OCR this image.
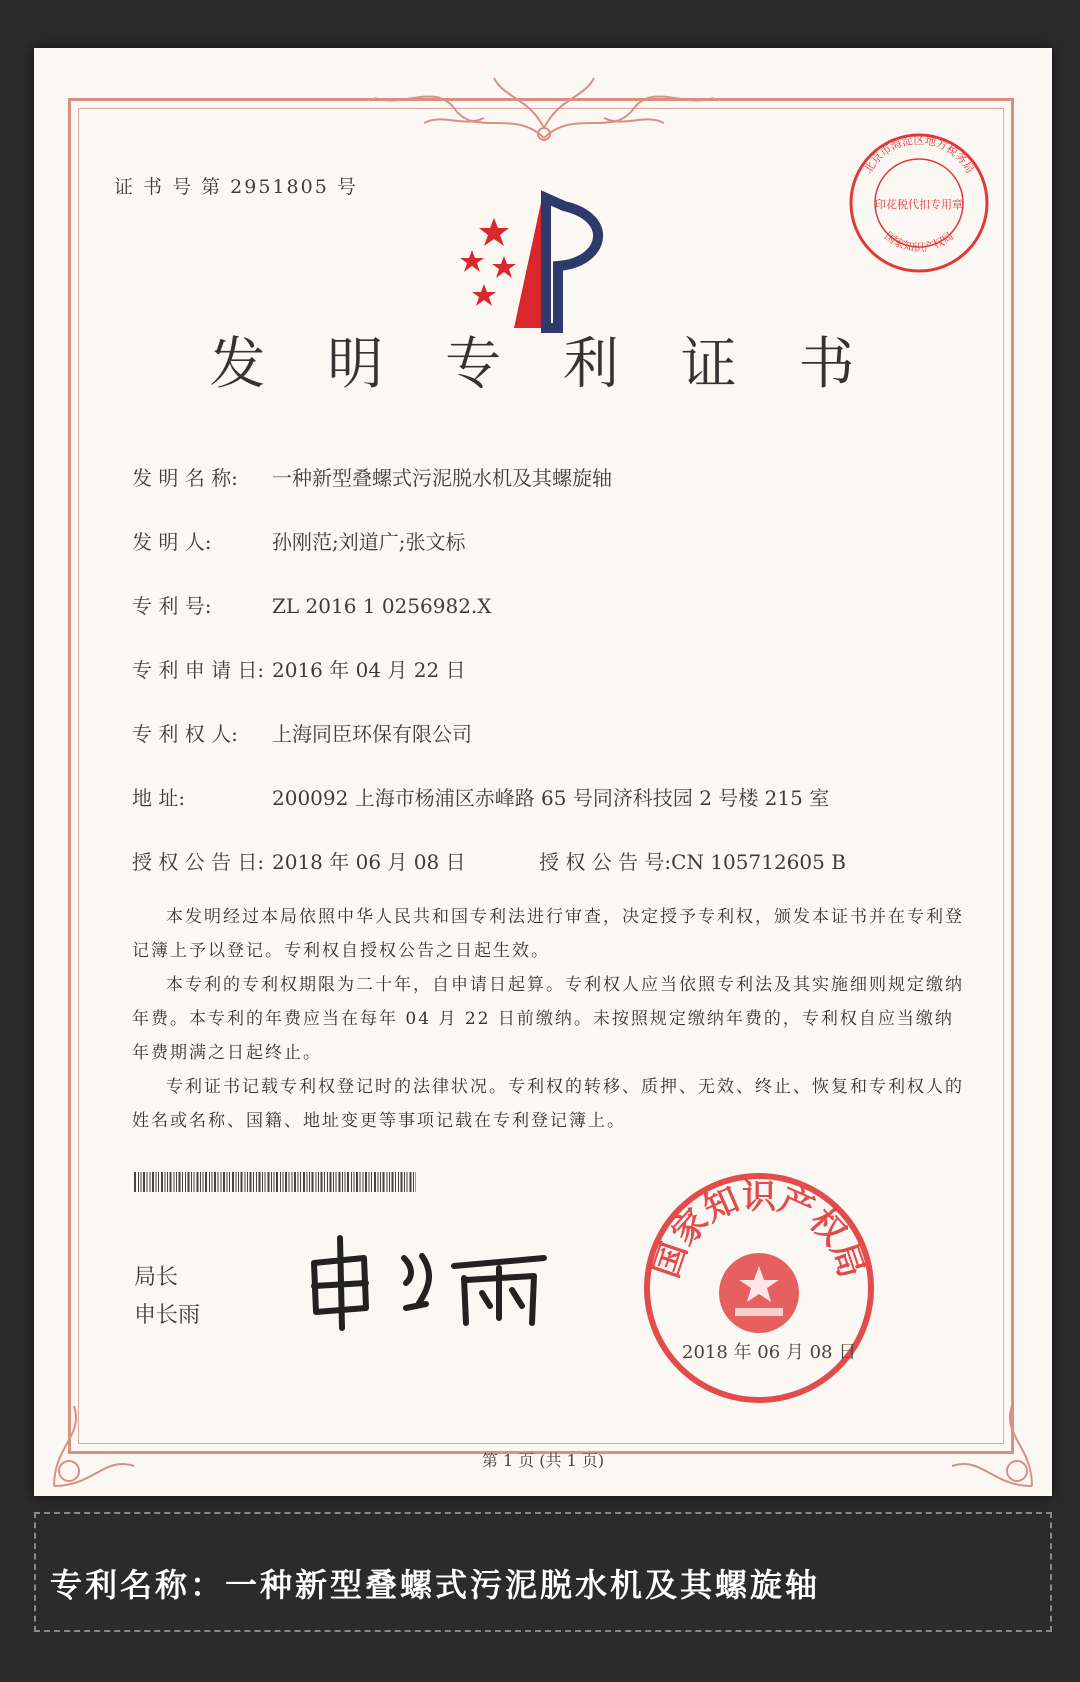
证 书 号 第 2951805 号
发 明 专 利 证 书
发 明 名 称: 一种新型叠螺式污泥脱水机及其螺旋轴
发 明 人:	孙刚范;刘道广;张文标
专 利 号:	ZL 2016 1 0256982.X
专 利 申 请 日: 2016 年 04 月 22 日
专 利 权 人: 上海同臣环保有限公司
地 址:	200092 上海市杨浦区赤峰路 65 号同济科技园 2 号楼 215 室
授 权 公 告 日: 2018 年 06 月 08 日	授 权 公 告 号:CN 105712605 B
本发明经过本局依照中华人民共和国专利法进行审查，决定授予专利权，颁发本证书并在专利登记簿上予以登记。专利权自授权公告之日起生效。
本专利的专利权期限为二十年，自申请日起算。专利权人应当依照专利法及其实施细则规定缴纳年费。本专利的年费应当在每年 04 月 22 日前缴纳。未按照规定缴纳年费的，专利权自应当缴纳年费期满之日起终止。
专利证书记载专利权登记时的法律状况。专利权的转移、质押、无效、终止、恢复和专利权人的姓名或名称、国籍、地址变更等事项记载在专利登记簿上。
局长
申长雨
国家知识产权局
2018 年 06 月 08 日
北京市海淀区地方税务局
国家知识产权局
印花税代扣专用章
第 1 页 (共 1 页)
专利名称：一种新型叠螺式污泥脱水机及其螺旋轴
